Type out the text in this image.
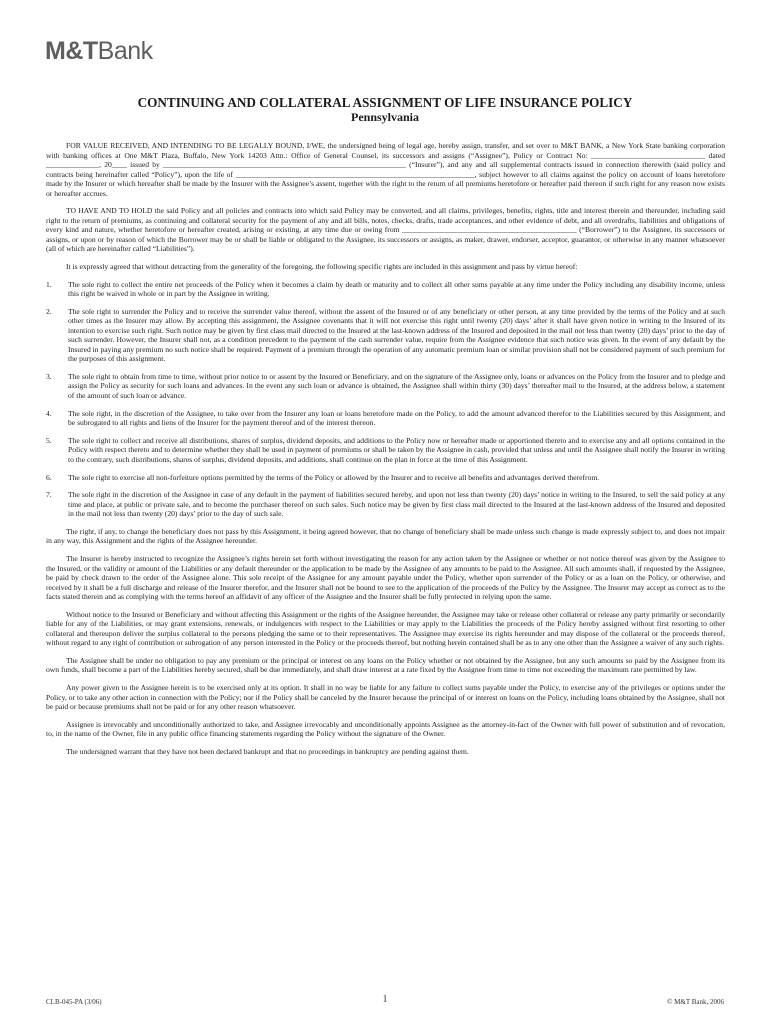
M&TBank
CONTINUING AND COLLATERAL ASSIGNMENT OF LIFE INSURANCE POLICY
Pennsylvania

FOR VALUE RECEIVED, AND INTENDING TO BE LEGALLY BOUND, I/WE, the undersigned being of legal age, hereby assign, transfer, and set over to M&T BANK, a New York State banking corporation with banking offices at One M&T Plaza, Buffalo, New York 14203 Attn.: Office of General Counsel, its successors and assigns (“Assignee”), Policy or Contract No: ______________________________ dated ______________, 20____ issued by ________________________________________________________________ (“Insurer”), and any and all supplemental contracts issued in connection therewith (said policy and contracts being hereinafter called “Policy”), upon the life of _______________________________________________________________, subject however to all claims against the policy on account of loans heretofore made by the Insurer or which hereafter shall be made by the Insurer with the Assignee’s assent, together with the right to the return of all premiums heretofore or hereafter paid thereon if such right for any reason now exists or hereafter accrues.

TO HAVE AND TO HOLD the said Policy and all policies and contracts into which said Policy may be converted, and all claims, privileges, benefits, rights, title and interest therein and thereunder, including said right to the return of premiums, as continuing and collateral security for the payment of any and all bills, notes, checks, drafts, trade acceptances, and other evidence of debt, and all overdrafts, liabilities and obligations of every kind and nature, whether heretofore or hereafter created, arising or existing, at any time due or owing from ______________________________________________ (“Borrower”) to the Assignee, its successors or assigns, or upon or by reason of which the Borrower may be or shall be liable or obligated to the Assignee, its successors or assigns, as maker, drawer, endorser, acceptor, guarantor, or otherwise in any manner whatsoever (all of which are hereinafter called “Liabilities”).

It is expressly agreed that without detracting from the generality of the foregoing, the following specific rights are included in this assignment and pass by virtue hereof:

1.	The sole right to collect the entire net proceeds of the Policy when it becomes a claim by death or maturity and to collect all other sums payable at any time under the Policy including any disability income, unless this right be waived in whole or in part by the Assignee in writing.
2.	The sole right to surrender the Policy and to receive the surrender value thereof, without the assent of the Insured or of any beneficiary or other person, at any time provided by the terms of the Policy and at such other times as the Insurer may allow. By accepting this assignment, the Assignee covenants that it will not exercise this right until twenty (20) days’ after it shall have given notice in writing to the Insured of its intention to exercise such right. Such notice may be given by first class mail directed to the Insured at the last-known address of the Insured and deposited in the mail not less than twenty (20) days’ prior to the day of such surrender. However, the Insurer shall not, as a condition precedent to the payment of the cash surrender value, require from the Assignee evidence that such notice was given. In the event of any default by the Insured in paying any premium no such notice shall be required. Payment of a premium through the operation of any automatic premium loan or similar provision shall not be considered payment of such premium for the purposes of this assignment.
3.	The sole right to obtain from time to time, without prior notice to or assent by the Insured or Beneficiary, and on the signature of the Assignee only, loans or advances on the Policy from the Insurer and to pledge and assign the Policy as security for such loans and advances. In the event any such loan or advance is obtained, the Assignee shall within thirty (30) days’ thereafter mail to the Insured, at the address below, a statement of the amount of such loan or advance.
4.	The sole right, in the discretion of the Assignee, to take over from the Insurer any loan or loans heretofore made on the Policy, to add the amount advanced therefor to the Liabilities secured by this Assignment, and be subrogated to all rights and liens of the Insurer for the payment thereof and of the interest thereon.
5.	The sole right to collect and receive all distributions, shares of surplus, dividend deposits, and additions to the Policy now or hereafter made or apportioned thereto and to exercise any and all options contained in the Policy with respect thereto and to determine whether they shall be used in payment of premiums or shall be taken by the Assignee in cash, provided that unless and until the Assignee shall notify the Insurer in writing to the contrary, such distributions, shares of surplus, dividend deposits, and additions, shall continue on the plan in force at the time of this Assignment.
6.	The sole right to exercise all non-forfeiture options permitted by the terms of the Policy or allowed by the Insurer and to receive all benefits and advantages derived therefrom.
7.	The sole right in the discretion of the Assignee in case of any default in the payment of liabilities secured hereby, and upon not less than twenty (20) days’ notice in writing to the Insured, to sell the said policy at any time and place, at public or private sale, and to become the purchaser thereof on such sales. Such notice may be given by first class mail directed to the Insured at the last-known address of the Insured and deposited in the mail not less than twenty (20) days’ prior to the day of such sale.

The right, if any, to change the beneficiary does not pass by this Assignment, it being agreed however, that no change of beneficiary shall be made unless such change is made expressly subject to, and does not impair in any way, this Assignment and the rights of the Assignee hereunder.

The Insurer is hereby instructed to recognize the Assignee’s rights herein set forth without investigating the reason for any action taken by the Assignee or whether or not notice thereof was given by the Assignee to the Insured, or the validity or amount of the Liabilities or any default thereunder or the application to be made by the Assignee of any amounts to be paid to the Assignee. All such amounts shall, if requested by the Assignee, be paid by check drawn to the order of the Assignee alone. This sole receipt of the Assignee for any amount payable under the Policy, whether upon surrender of the Policy or as a loan on the Policy, or otherwise, and received by it shall be a full discharge and release of the Insurer therefor, and the Insurer shall not be bound to see to the application of the proceeds of the Policy by the Assignee. The Insurer may accept as correct as to the facts stated therein and as complying with the terms hereof an affidavit of any officer of the Assignee and the Insurer shall be fully protected in relying upon the same.

Without notice to the Insured or Beneficiary and without affecting this Assignment or the rights of the Assignee hereunder, the Assignee may take or release other collateral or release any party primarily or secondarily liable for any of the Liabilities, or may grant extensions, renewals, or indulgences with respect to the Liabilities or may apply to the Liabilities the proceeds of the Policy hereby assigned without first resorting to other collateral and thereupon deliver the surplus collateral to the persons pledging the same or to their representatives. The Assignee may exercise its rights hereunder and may dispose of the collateral or the proceeds thereof, without regard to any right of contribution or subrogation of any person interested in the Policy or the proceeds thereof, but nothing herein contained shall be as to any one other than the Assignee a waiver of any such rights.

The Assignee shall be under no obligation to pay any premium or the principal or interest on any loans on the Policy whether or not obtained by the Assignee, but any such amounts so paid by the Assignee from its own funds, shall become a part of the Liabilities hereby secured, shall be due immediately, and shall draw interest at a rate fixed by the Assignee from time to time not exceeding the maximum rate permitted by law.

Any power given to the Assignee herein is to be exercised only at its option. It shall in no way be liable for any failure to collect sums payable under the Policy, to exercise any of the privileges or options under the Policy, or to take any other action in connection with the Policy; nor if the Policy shall be canceled by the Insurer because the principal of or interest on loans on the Policy, including loans obtained by the Assignee, shall not be paid or because premiums shall not be paid or for any other reason whatsoever.

Assignee is irrevocably and unconditionally authorized to take, and Assignee irrevocably and unconditionally appoints Assignee as the attorney-in-fact of the Owner with full power of substitution and of revocation, to, in the name of the Owner, file in any public office financing statements regarding the Policy without the signature of the Owner.

The undersigned warrant that they have not been declared bankrupt and that no proceedings in bankruptcy are pending against them.

CLB-045-PA (3/06)	1	© M&T Bank, 2006
